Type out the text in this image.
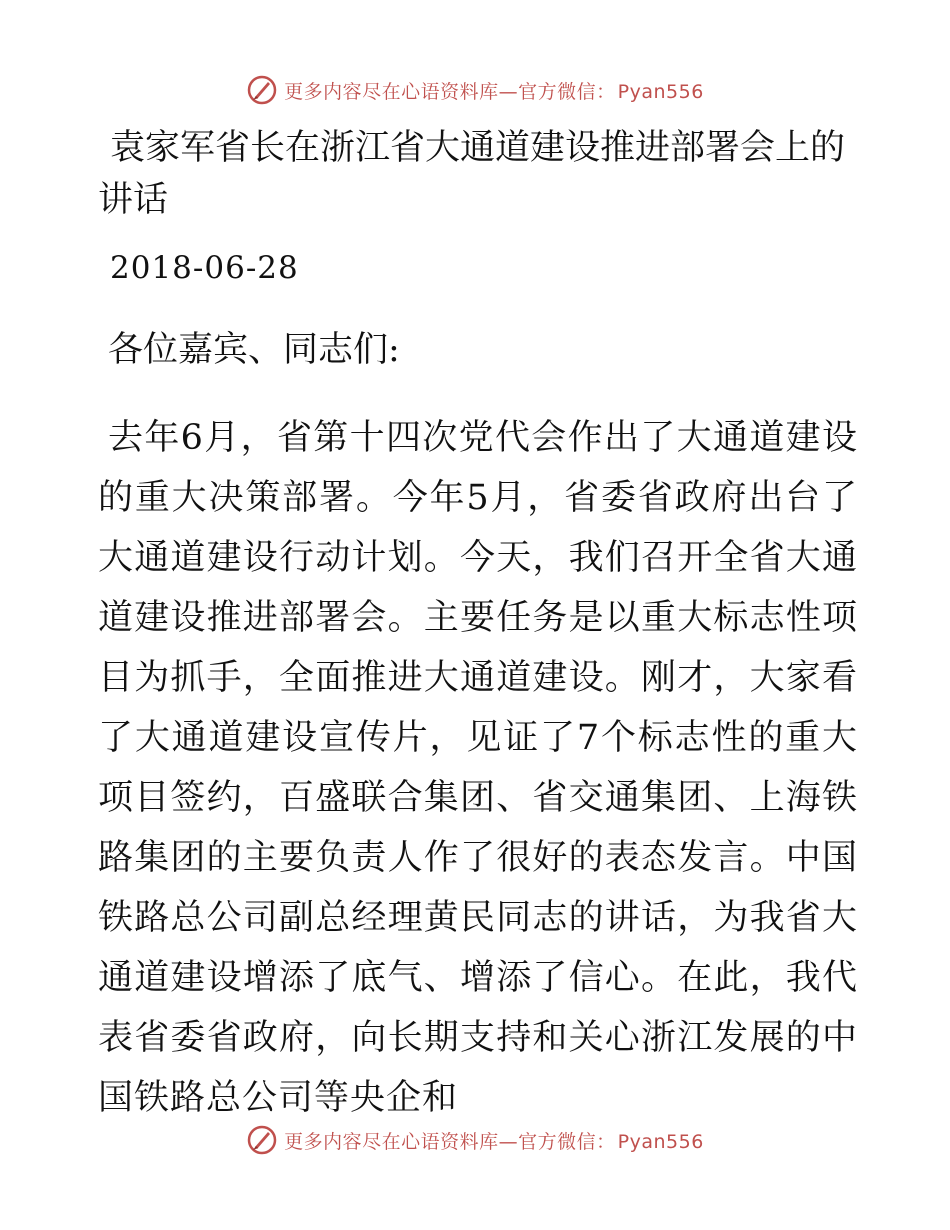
更多内容尽在心语资料库—官方微信： Pyan556
袁家军省长在浙江省大通道建设推进部署会上的讲话
2018-06-28
各位嘉宾、同志们:

去年6月，省第十四次党代会作出了大通道建设的重大决策部署。今年5月，省委省政府出台了大通道建设行动计划。今天，我们召开全省大通道建设推进部署会。主要任务是以重大标志性项目为抓手，全面推进大通道建设。刚才，大家看了大通道建设宣传片，见证了7个标志性的重大项目签约，百盛联合集团、省交通集团、上海铁路集团的主要负责人作了很好的表态发言。中国铁路总公司副总经理黄民同志的讲话，为我省大通道建设增添了底气、增添了信心。在此，我代表省委省政府，向长期支持和关心浙江发展的中国铁路总公司等央企和

更多内容尽在心语资料库—官方微信： Pyan556
